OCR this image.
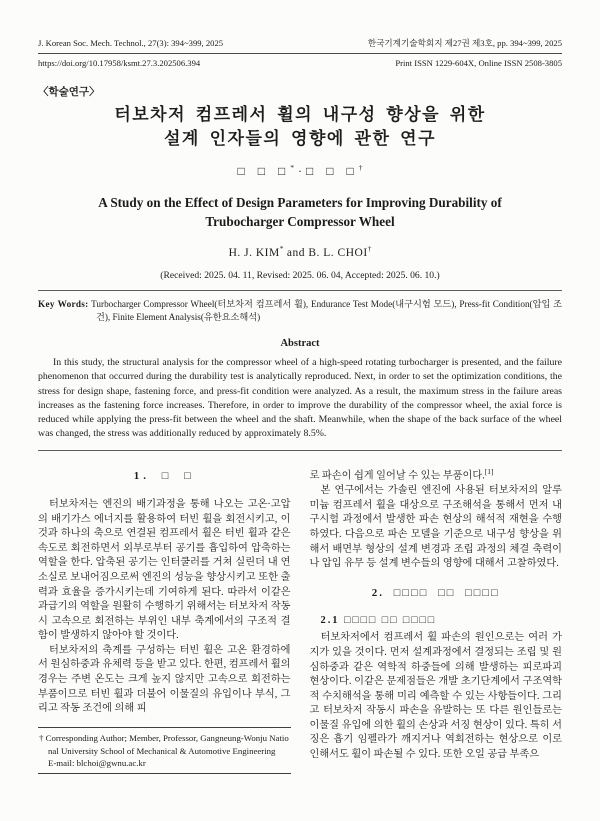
J. Korean Soc. Mech. Technol., 27(3): 394~399, 2025	한국기계기술학회지 제27권 제3호, pp. 394~399, 2025
https://doi.org/10.17958/ksmt.27.3.202506.394	Print ISSN 1229-604X, Online ISSN 2508-3805
〈학술연구〉
터보차저 컴프레서 휠의 내구성 향상을 위한
설계 인자들의 영향에 관한 연구
□ □ □* · □ □ □†
A Study on the Effect of Design Parameters for Improving Durability of
Trubocharger Compressor Wheel
H. J. KIM* and B. L. CHOI†
(Received: 2025. 04. 11, Revised: 2025. 06. 04, Accepted: 2025. 06. 10.)

Key Words: Turbocharger Compressor Wheel(터보차저 컴프레서 휠), Endurance Test Mode(내구시험 모드), Press-fit Condition(압입 조건), Finite Element Analysis(유한요소해석)

Abstract

In this study, the structural analysis for the compressor wheel of a high-speed rotating turbocharger is presented, and the failure phenomenon that occurred during the durability test is analytically reproduced. Next, in order to set the optimization conditions, the stress for design shape, fastening force, and press-fit condition were analyzed. As a result, the maximum stress in the failure areas increases as the fastening force increases. Therefore, in order to improve the durability of the compressor wheel, the axial force is reduced while applying the press-fit between the wheel and the shaft. Meanwhile, when the shape of the back surface of the wheel was changed, the stress was additionally reduced by approximately 8.5%.

1. □ □

터보차저는 엔진의 배기과정을 통해 나오는 고온·고압의 배기가스 에너지를 활용하여 터빈 휠을 회전시키고, 이것과 하나의 축으로 연결된 컴프레서 휠은 터빈 휠과 같은 속도로 회전하면서 외부로부터 공기를 흡입하여 압축하는 역할을 한다. 압축된 공기는 인터쿨러를 거쳐 실린더 내 연소실로 보내어짐으로써 엔진의 성능을 향상시키고 또한 출력과 효율을 증가시키는데 기여하게 된다. 따라서 이같은 과급기의 역할을 원활히 수행하기 위해서는 터보차저 작동 시 고속으로 회전하는 부위인 내부 축계에서의 구조적 결함이 발생하지 않아야 할 것이다.

터보차저의 축계를 구성하는 터빈 휠은 고온 환경하에서 원심하중과 유체력 등을 받고 있다. 한편, 컴프레서 휠의 경우는 주변 온도는 크게 높지 않지만 고속으로 회전하는 부품이므로 터빈 휠과 더불어 이물질의 유입이나 부식, 그리고 작동 조건에 의해 피

† Corresponding Author; Member, Professor, Gangneung-Wonju National University School of Mechanical & Automotive Engineering

E-mail: blchoi@gwnu.ac.kr

로 파손이 쉽게 일어날 수 있는 부품이다.[1]

본 연구에서는 가솔린 엔진에 사용된 터보차저의 알루미늄 컴프레서 휠을 대상으로 구조해석을 통해서 먼저 내구시험 과정에서 발생한 파손 현상의 해석적 재현을 수행하였다. 다음으로 파손 모델을 기준으로 내구성 향상을 위해서 배면부 형상의 설계 변경과 조립 과정의 체결 축력이나 압입 유무 등 설계 변수들의 영향에 대해서 고찰하였다.

2. □□□□ □□ □□□□
2.1 □□□□ □□ □□□□

터보차저에서 컴프레서 휠 파손의 원인으로는 여러 가지가 있을 것이다. 먼저 설계과정에서 결정되는 조립 및 원심하중과 같은 역학적 하중들에 의해 발생하는 피로파괴 현상이다. 이같은 문제점들은 개발 초기단계에서 구조역학적 수치해석을 통해 미리 예측할 수 있는 사항들이다. 그리고 터보차저 작동시 파손을 유발하는 또 다른 원인들로는 이물질 유입에 의한 휠의 손상과 서징 현상이 있다. 특히 서징은 흡기 임펠라가 깨지거나 역회전하는 현상으로 이로 인해서도 휠이 파손될 수 있다. 또한 오일 공급 부족으
